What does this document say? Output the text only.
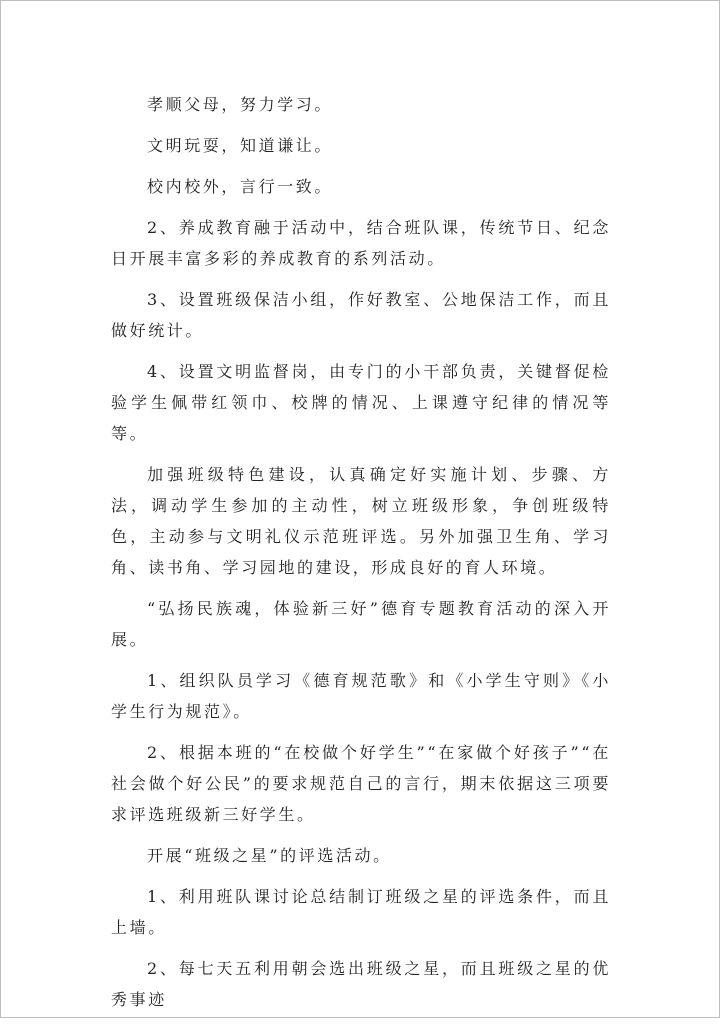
孝顺父母，努力学习。

文明玩耍，知道谦让。

校内校外，言行一致。

2、养成教育融于活动中，结合班队课，传统节日、纪念日开展丰富多彩的养成教育的系列活动。

3、设置班级保洁小组，作好教室、公地保洁工作，而且做好统计。

4、设置文明监督岗，由专门的小干部负责，关键督促检验学生佩带红领巾、校牌的情况、上课遵守纪律的情况等等。

加强班级特色建设，认真确定好实施计划、步骤、方法，调动学生参加的主动性，树立班级形象，争创班级特色，主动参与文明礼仪示范班评选。另外加强卫生角、学习角、读书角、学习园地的建设，形成良好的育人环境。

“弘扬民族魂，体验新三好”德育专题教育活动的深入开展。

1、组织队员学习《德育规范歌》和《小学生守则》《小学生行为规范》。

2、根据本班的“在校做个好学生”“在家做个好孩子”“在社会做个好公民”的要求规范自己的言行，期末依据这三项要求评选班级新三好学生。

开展“班级之星”的评选活动。

1、利用班队课讨论总结制订班级之星的评选条件，而且上墙。

2、每七天五利用朝会选出班级之星，而且班级之星的优秀事迹
